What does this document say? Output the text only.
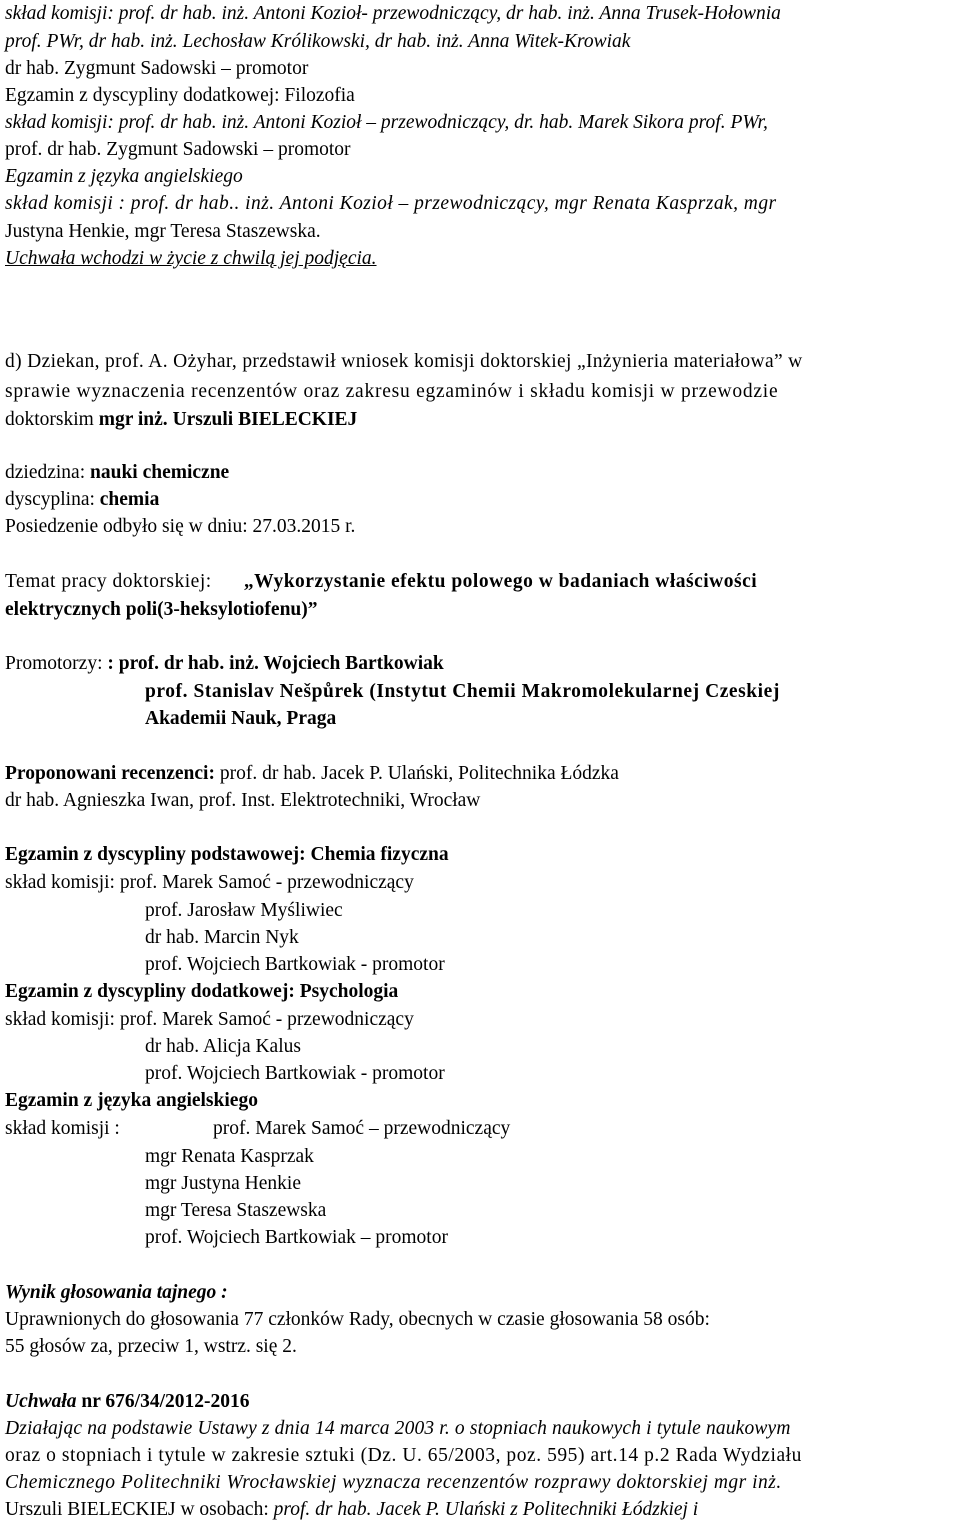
skład komisji: prof. dr hab. inż. Antoni Kozioł- przewodniczący, dr hab. inż. Anna Trusek-Hołownia
prof. PWr, dr hab. inż. Lechosław Królikowski, dr hab. inż. Anna Witek-Krowiak
dr hab. Zygmunt Sadowski – promotor
Egzamin z dyscypliny dodatkowej: Filozofia
skład komisji: prof. dr hab. inż. Antoni Kozioł – przewodniczący, dr. hab. Marek Sikora prof. PWr,
prof. dr hab. Zygmunt Sadowski – promotor
Egzamin z języka angielskiego
skład komisji : prof. dr hab.. inż. Antoni Kozioł – przewodniczący, mgr Renata Kasprzak, mgr
Justyna Henkie, mgr Teresa Staszewska.
Uchwała wchodzi w życie z chwilą jej podjęcia.
d) Dziekan, prof. A. Ożyhar, przedstawił wniosek komisji doktorskiej „Inżynieria materiałowa” w
sprawie wyznaczenia recenzentów oraz zakresu egzaminów i składu komisji w przewodzie
doktorskim mgr inż. Urszuli BIELECKIEJ
dziedzina: nauki chemiczne
dyscyplina: chemia
Posiedzenie odbyło się w dniu: 27.03.2015 r.
Temat pracy doktorskiej: „Wykorzystanie efektu polowego w badaniach właściwości
elektrycznych poli(3-heksylotiofenu)”
Promotorzy: : prof. dr hab. inż. Wojciech Bartkowiak
prof. Stanislav Nešpůrek (Instytut Chemii Makromolekularnej Czeskiej
Akademii Nauk, Praga
Proponowani recenzenci: prof. dr hab. Jacek P. Ulański, Politechnika Łódzka
dr hab. Agnieszka Iwan, prof. Inst. Elektrotechniki, Wrocław
Egzamin z dyscypliny podstawowej: Chemia fizyczna
skład komisji: prof. Marek Samoć - przewodniczący
prof. Jarosław Myśliwiec
dr hab. Marcin Nyk
prof. Wojciech Bartkowiak - promotor
Egzamin z dyscypliny dodatkowej: Psychologia
skład komisji: prof. Marek Samoć - przewodniczący
dr hab. Alicja Kalus
prof. Wojciech Bartkowiak - promotor
Egzamin z języka angielskiego
skład komisji :	prof. Marek Samoć – przewodniczący
mgr Renata Kasprzak
mgr Justyna Henkie
mgr Teresa Staszewska
prof. Wojciech Bartkowiak – promotor
Wynik głosowania tajnego :
Uprawnionych do głosowania 77 członków Rady, obecnych w czasie głosowania 58 osób:
55 głosów za, przeciw 1, wstrz. się 2.
Uchwała nr 676/34/2012-2016
Działając na podstawie Ustawy z dnia 14 marca 2003 r. o stopniach naukowych i tytule naukowym
oraz o stopniach i tytule w zakresie sztuki (Dz. U. 65/2003, poz. 595) art.14 p.2 Rada Wydziału
Chemicznego Politechniki Wrocławskiej wyznacza recenzentów rozprawy doktorskiej mgr inż.
Urszuli BIELECKIEJ w osobach: prof. dr hab. Jacek P. Ulański z Politechniki Łódzkiej i
